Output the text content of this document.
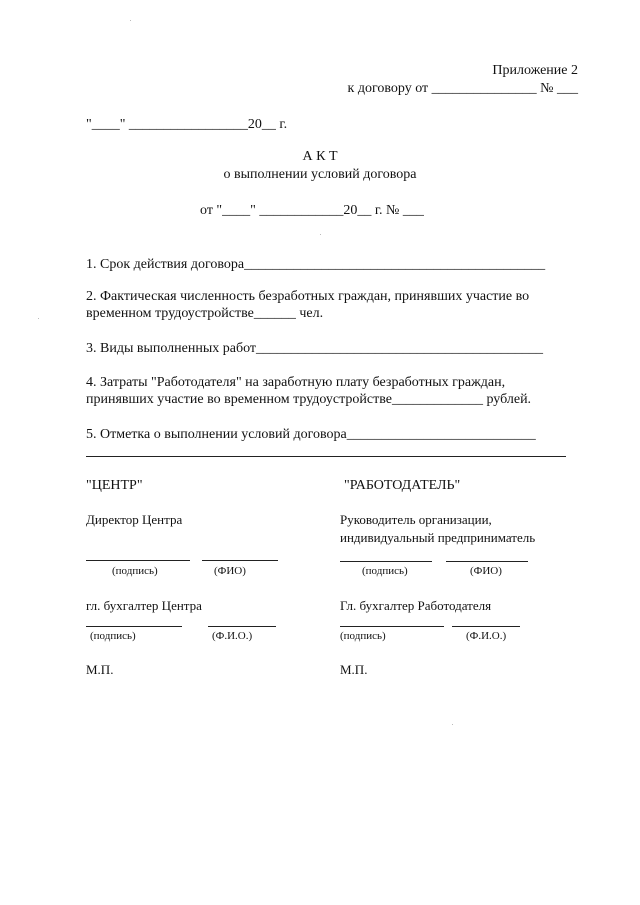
Приложение 2
к договору от _______________ № ___
"____" _________________20__ г.
А К Т
о выполнении условий договора
от "____" ____________20__ г. № ___
1. Срок действия договора___________________________________________
2. Фактическая численность безработных граждан, принявших участие во
временном трудоустройстве______ чел.
3. Виды выполненных работ_________________________________________
4. Затраты "Работодателя" на заработную плату безработных граждан,
принявших участие во временном трудоустройстве_____________ рублей.
5. Отметка о выполнении условий договора___________________________
"ЦЕНТР"	"РАБОТОДАТЕЛЬ"
Директор Центра	Руководитель организации,
индивидуальный предприниматель
(подпись)	(ФИО)	(подпись)	(ФИО)
гл. бухгалтер Центра	Гл. бухгалтер Работодателя
(подпись)	(Ф.И.О.)	(подпись)	(Ф.И.О.)
М.П.	М.П.
